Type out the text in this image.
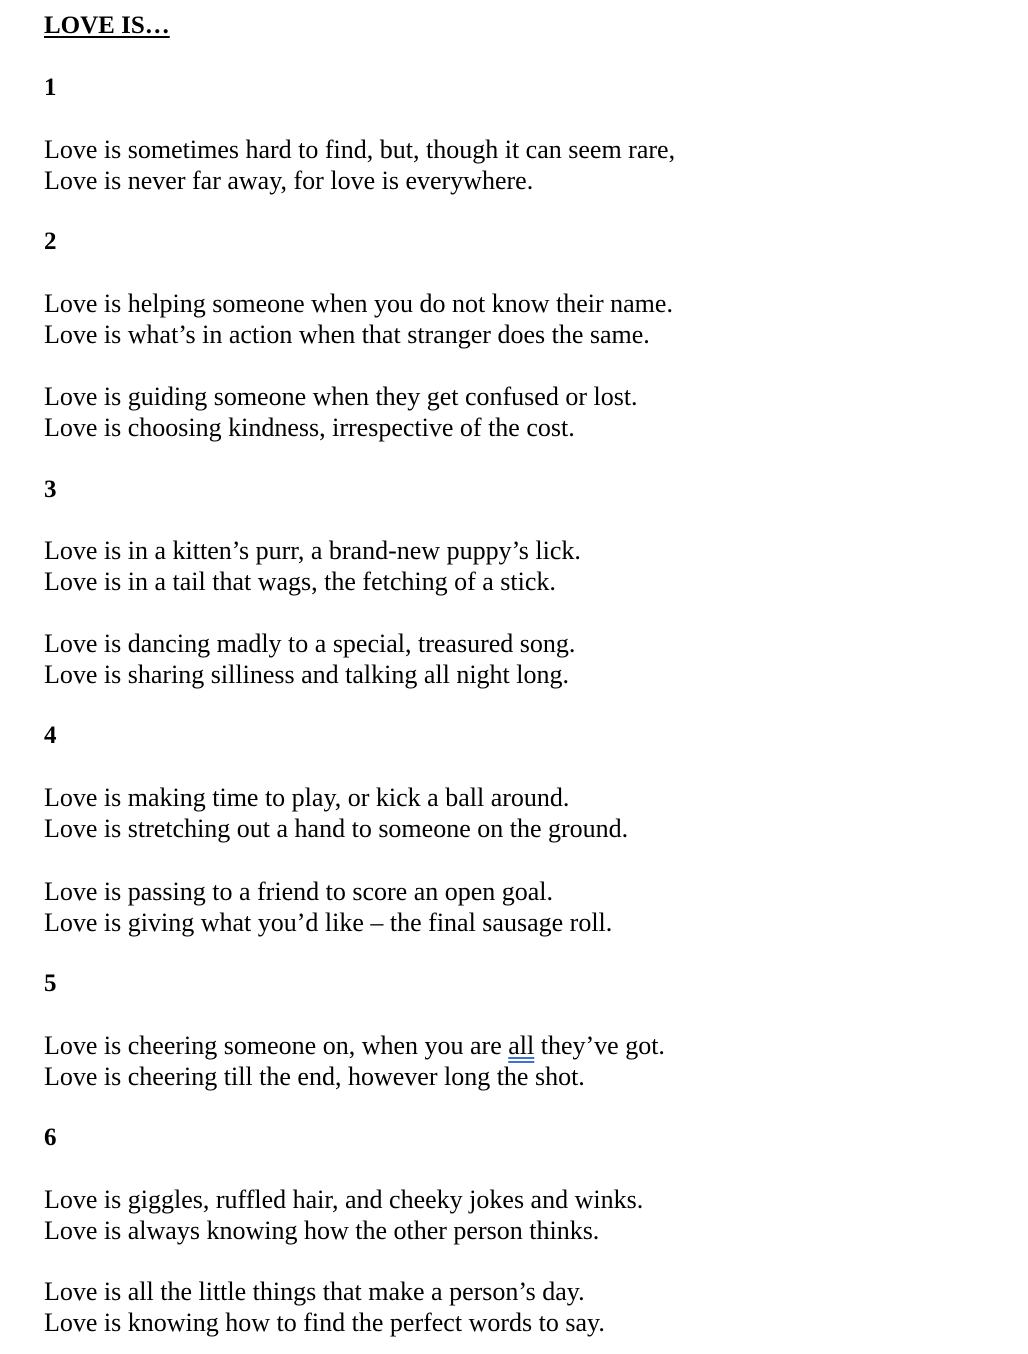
LOVE IS…
1

Love is sometimes hard to find, but, though it can seem rare,
Love is never far away, for love is everywhere.

2

Love is helping someone when you do not know their name.
Love is what’s in action when that stranger does the same.

Love is guiding someone when they get confused or lost.
Love is choosing kindness, irrespective of the cost.

3

Love is in a kitten’s purr, a brand-new puppy’s lick.
Love is in a tail that wags, the fetching of a stick.

Love is dancing madly to a special, treasured song.
Love is sharing silliness and talking all night long.

4

Love is making time to play, or kick a ball around.
Love is stretching out a hand to someone on the ground.

Love is passing to a friend to score an open goal.
Love is giving what you’d like – the final sausage roll.

5

Love is cheering someone on, when you are all they’ve got.
Love is cheering till the end, however long the shot.

6

Love is giggles, ruffled hair, and cheeky jokes and winks.
Love is always knowing how the other person thinks.

Love is all the little things that make a person’s day.
Love is knowing how to find the perfect words to say.
